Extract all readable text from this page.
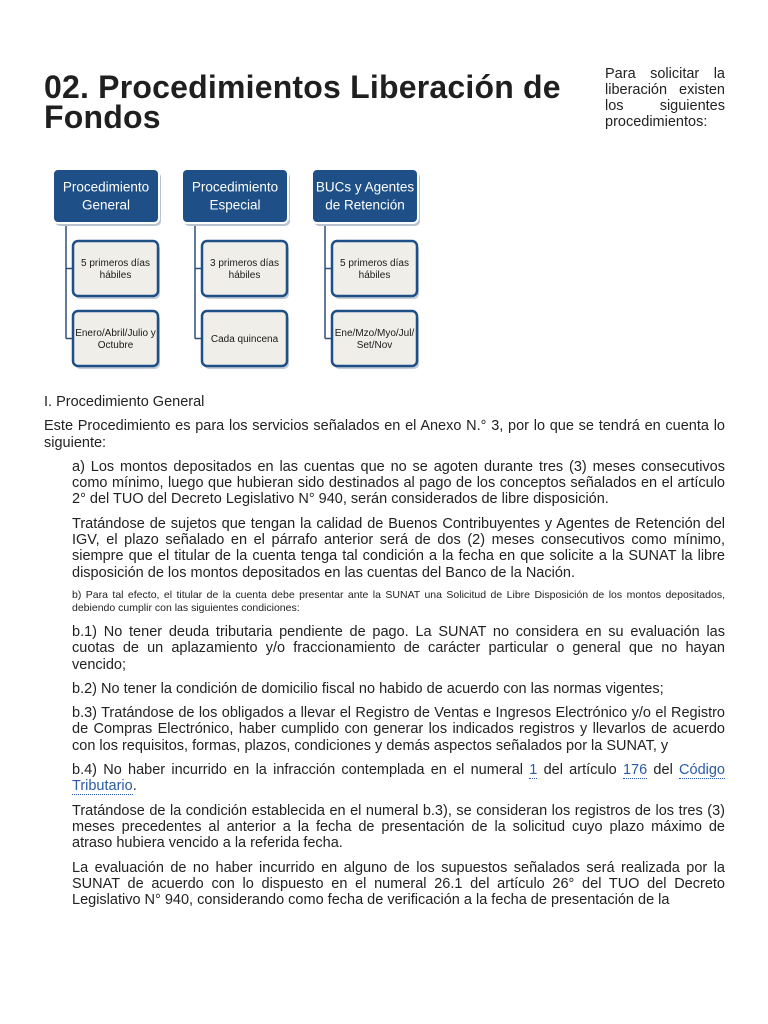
02. Procedimientos Liberación de Fondos
Para solicitar la liberación existen los siguientes procedimientos:
Procedimiento
General
5 primeros días
hábiles
Enero/Abril/Julio y
Octubre
Procedimiento
Especial
3 primeros días
hábiles
Cada quincena
BUCs y Agentes
de Retención
5 primeros días
hábiles
Ene/Mzo/Myo/Jul/
Set/Nov

I. Procedimiento General

Este Procedimiento es para los servicios señalados en el Anexo N.° 3, por lo que se tendrá en cuenta lo siguiente:

a) Los montos depositados en las cuentas que no se agoten durante tres (3) meses consecutivos como mínimo, luego que hubieran sido destinados al pago de los conceptos señalados en el artículo 2° del TUO del Decreto Legislativo N° 940, serán considerados de libre disposición.

Tratándose de sujetos que tengan la calidad de Buenos Contribuyentes y Agentes de Retención del IGV, el plazo señalado en el párrafo anterior será de dos (2) meses consecutivos como mínimo, siempre que el titular de la cuenta tenga tal condición a la fecha en que solicite a la SUNAT la libre disposición de los montos depositados en las cuentas del Banco de la Nación.

b) Para tal efecto, el titular de la cuenta debe presentar ante la SUNAT una Solicitud de Libre Disposición de los montos depositados, debiendo cumplir con las siguientes condiciones:

b.1) No tener deuda tributaria pendiente de pago. La SUNAT no considera en su evaluación las cuotas de un aplazamiento y/o fraccionamiento de carácter particular o general que no hayan vencido;

b.2) No tener la condición de domicilio fiscal no habido de acuerdo con las normas vigentes;

b.3) Tratándose de los obligados a llevar el Registro de Ventas e Ingresos Electrónico y/o el Registro de Compras Electrónico, haber cumplido con generar los indicados registros y llevarlos de acuerdo con los requisitos, formas, plazos, condiciones y demás aspectos señalados por la SUNAT, y

b.4) No haber incurrido en la infracción contemplada en el numeral 1 del artículo 176 del Código Tributario.

Tratándose de la condición establecida en el numeral b.3), se consideran los registros de los tres (3) meses precedentes al anterior a la fecha de presentación de la solicitud cuyo plazo máximo de atraso hubiera vencido a la referida fecha.

La evaluación de no haber incurrido en alguno de los supuestos señalados será realizada por la SUNAT de acuerdo con lo dispuesto en el numeral 26.1 del artículo 26° del TUO del Decreto Legislativo N° 940, considerando como fecha de verificación a la fecha de presentación de la
